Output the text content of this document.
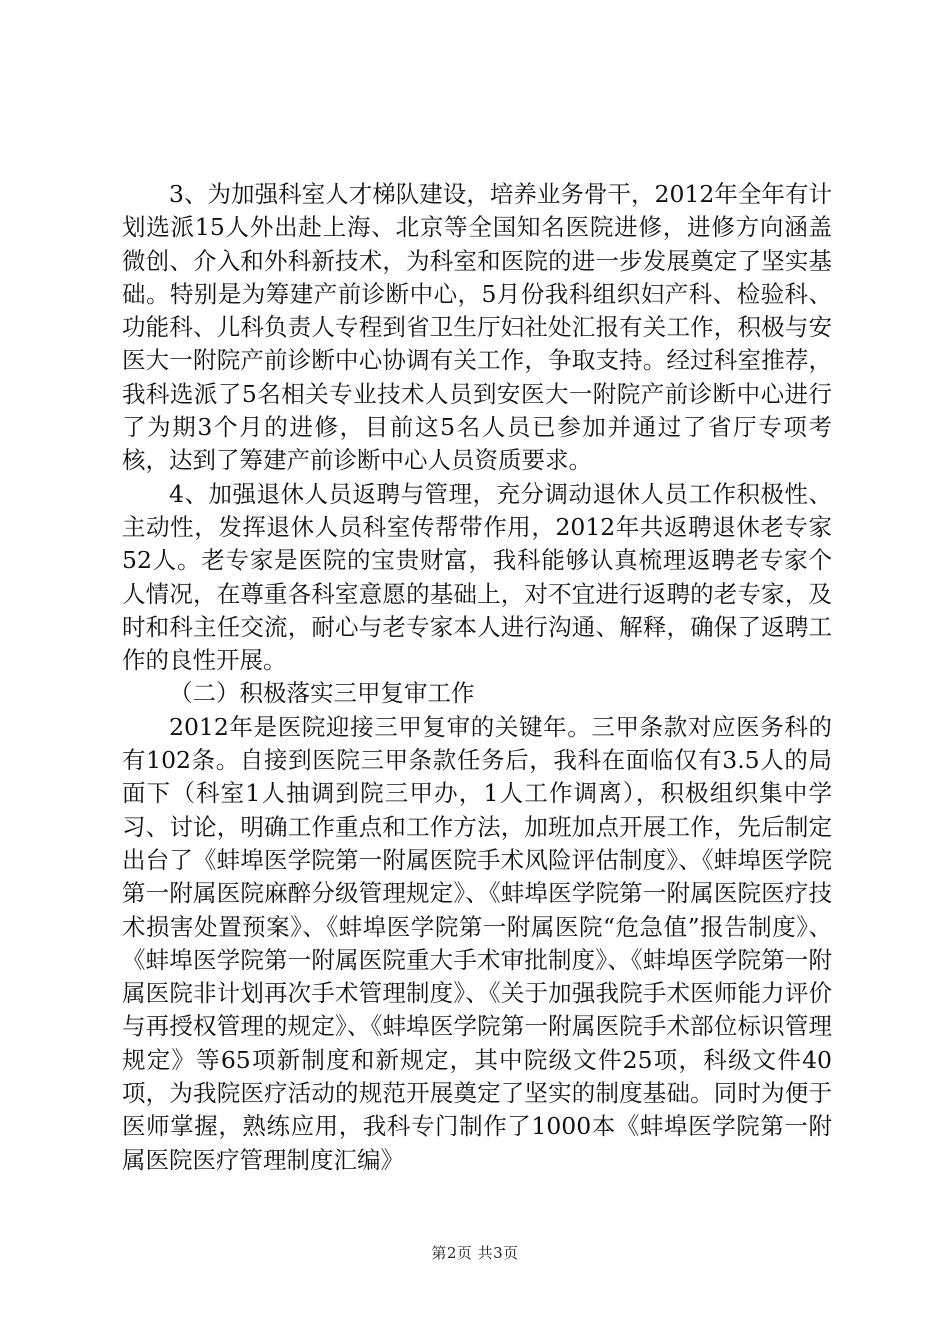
3、为加强科室人才梯队建设，培养业务骨干，2012年全年有计划选派15人外出赴上海、北京等全国知名医院进修，进修方向涵盖微创、介入和外科新技术，为科室和医院的进一步发展奠定了坚实基础。特别是为筹建产前诊断中心，5月份我科组织妇产科、检验科、功能科、儿科负责人专程到省卫生厅妇社处汇报有关工作，积极与安医大一附院产前诊断中心协调有关工作，争取支持。经过科室推荐，我科选派了5名相关专业技术人员到安医大一附院产前诊断中心进行了为期3个月的进修，目前这5名人员已参加并通过了省厅专项考核，达到了筹建产前诊断中心人员资质要求。

4、加强退休人员返聘与管理，充分调动退休人员工作积极性、主动性，发挥退休人员科室传帮带作用，2012年共返聘退休老专家52人。老专家是医院的宝贵财富，我科能够认真梳理返聘老专家个人情况，在尊重各科室意愿的基础上，对不宜进行返聘的老专家，及时和科主任交流，耐心与老专家本人进行沟通、解释，确保了返聘工作的良性开展。

（二）积极落实三甲复审工作

2012年是医院迎接三甲复审的关键年。三甲条款对应医务科的有102条。自接到医院三甲条款任务后，我科在面临仅有3.5人的局面下（科室1人抽调到院三甲办，1人工作调离），积极组织集中学习、讨论，明确工作重点和工作方法，加班加点开展工作，先后制定出台了《蚌埠医学院第一附属医院手术风险评估制度》、《蚌埠医学院第一附属医院麻醉分级管理规定》、《蚌埠医学院第一附属医院医疗技术损害处置预案》、《蚌埠医学院第一附属医院“危急值”报告制度》、《蚌埠医学院第一附属医院重大手术审批制度》、《蚌埠医学院第一附属医院非计划再次手术管理制度》、《关于加强我院手术医师能力评价与再授权管理的规定》、《蚌埠医学院第一附属医院手术部位标识管理规定》等65项新制度和新规定，其中院级文件25项，科级文件40项，为我院医疗活动的规范开展奠定了坚实的制度基础。同时为便于医师掌握，熟练应用，我科专门制作了1000本《蚌埠医学院第一附属医院医疗管理制度汇编》

第2页 共3页
